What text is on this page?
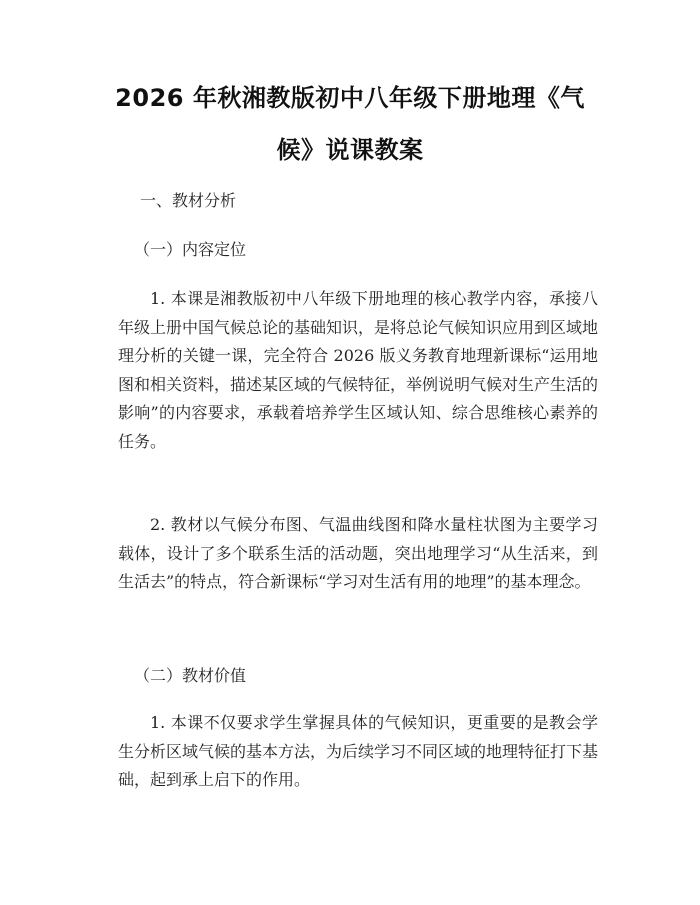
2026 年秋湘教版初中八年级下册地理《气
候》说课教案
一、教材分析
（一）内容定位

1. 本课是湘教版初中八年级下册地理的核心教学内容，承接八年级上册中国气候总论的基础知识，是将总论气候知识应用到区域地理分析的关键一课，完全符合 2026 版义务教育地理新课标“运用地图和相关资料，描述某区域的气候特征，举例说明气候对生产生活的影响”的内容要求，承载着培养学生区域认知、综合思维核心素养的任务。

2. 教材以气候分布图、气温曲线图和降水量柱状图为主要学习载体，设计了多个联系生活的活动题，突出地理学习“从生活来，到生活去”的特点，符合新课标“学习对生活有用的地理”的基本理念。

（二）教材价值

1. 本课不仅要求学生掌握具体的气候知识，更重要的是教会学生分析区域气候的基本方法，为后续学习不同区域的地理特征打下基础，起到承上启下的作用。
